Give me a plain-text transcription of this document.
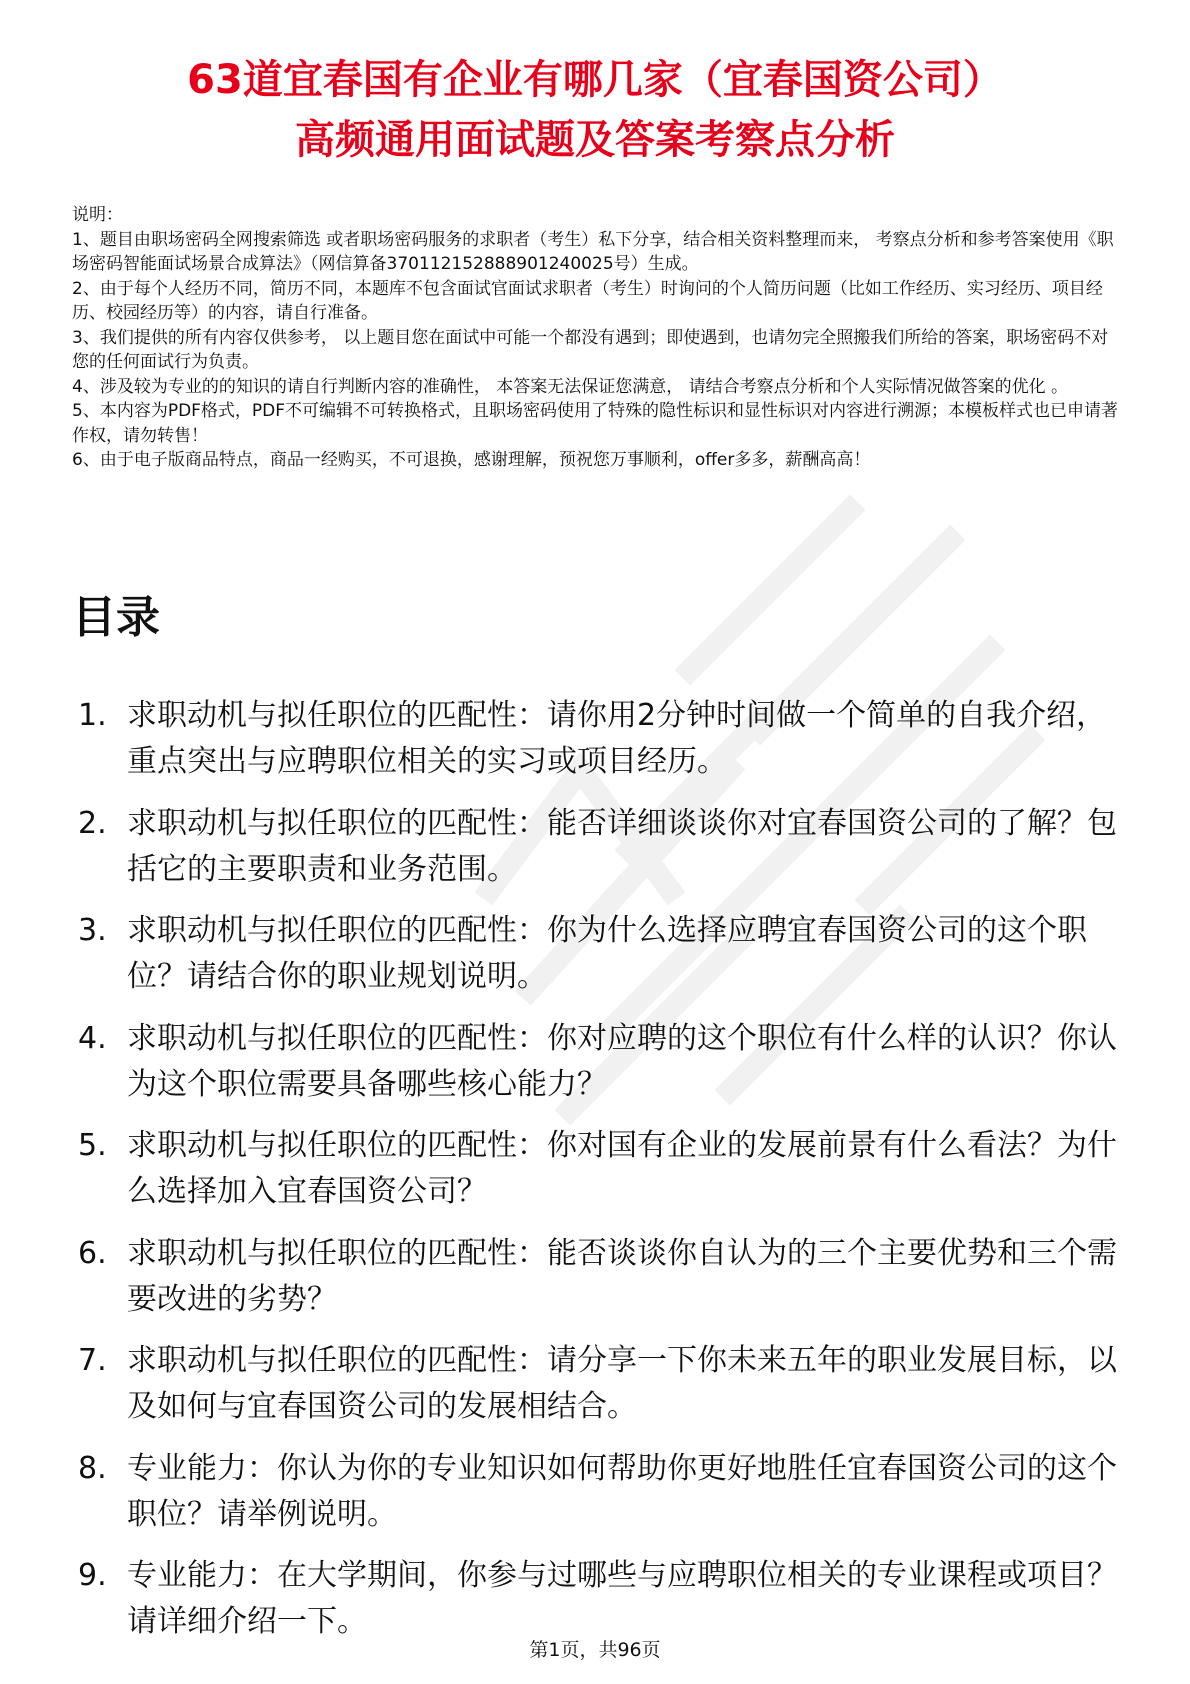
63道宜春国有企业有哪几家（宜春国资公司）
高频通用面试题及答案考察点分析

说明：

1、题目由职场密码全网搜索筛选 或者职场密码服务的求职者（考生）私下分享，结合相关资料整理而来， 考察点分析和参考答案使用《职场密码智能面试场景合成算法》（网信算备370112152888901240025号）生成。

2、由于每个人经历不同，简历不同，本题库不包含面试官面试求职者（考生）时询问的个人简历问题（比如工作经历、实习经历、项目经历、校园经历等）的内容，请自行准备。

3、我们提供的所有内容仅供参考， 以上题目您在面试中可能一个都没有遇到；即使遇到，也请勿完全照搬我们所给的答案，职场密码不对您的任何面试行为负责。

4、涉及较为专业的的知识的请自行判断内容的准确性， 本答案无法保证您满意， 请结合考察点分析和个人实际情况做答案的优化 。

5、本内容为PDF格式，PDF不可编辑不可转换格式，且职场密码使用了特殊的隐性标识和显性标识对内容进行溯源；本模板样式也已申请著作权，请勿转售！

6、由于电子版商品特点，商品一经购买，不可退换，感谢理解，预祝您万事顺利，offer多多，薪酬高高！

目录
1. 求职动机与拟任职位的匹配性：请你用2分钟时间做一个简单的自我介绍，重点突出与应聘职位相关的实习或项目经历。
2. 求职动机与拟任职位的匹配性：能否详细谈谈你对宜春国资公司的了解？包括它的主要职责和业务范围。
3. 求职动机与拟任职位的匹配性：你为什么选择应聘宜春国资公司的这个职位？请结合你的职业规划说明。
4. 求职动机与拟任职位的匹配性：你对应聘的这个职位有什么样的认识？你认为这个职位需要具备哪些核心能力？
5. 求职动机与拟任职位的匹配性：你对国有企业的发展前景有什么看法？为什么选择加入宜春国资公司？
6. 求职动机与拟任职位的匹配性：能否谈谈你自认为的三个主要优势和三个需要改进的劣势？
7. 求职动机与拟任职位的匹配性：请分享一下你未来五年的职业发展目标，以及如何与宜春国资公司的发展相结合。
8. 专业能力：你认为你的专业知识如何帮助你更好地胜任宜春国资公司的这个职位？请举例说明。
9. 专业能力：在大学期间，你参与过哪些与应聘职位相关的专业课程或项目？请详细介绍一下。
第1页，共96页
